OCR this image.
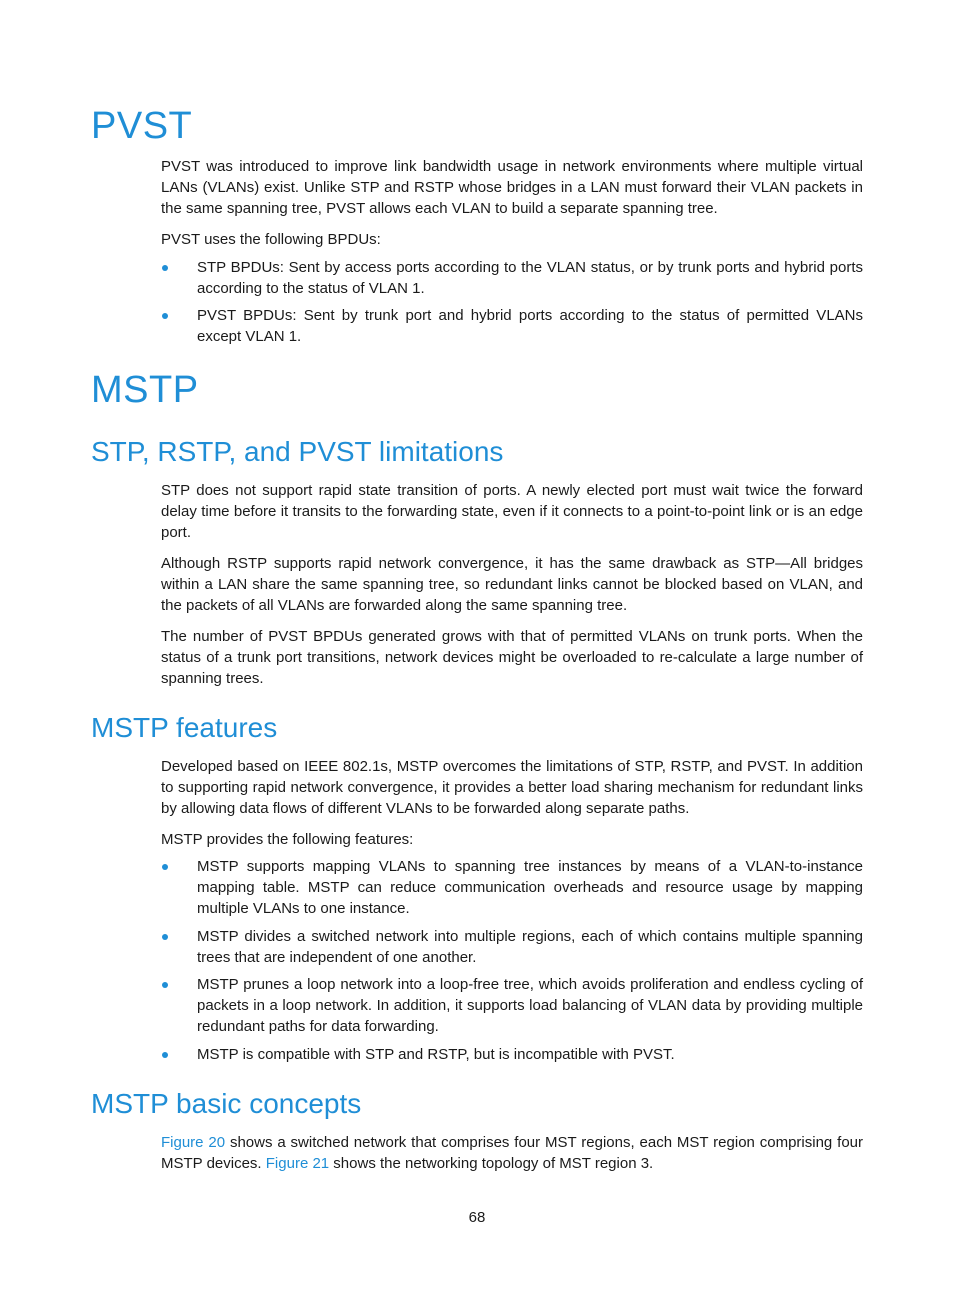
PVST

PVST was introduced to improve link bandwidth usage in network environments where multiple virtual LANs (VLANs) exist. Unlike STP and RSTP whose bridges in a LAN must forward their VLAN packets in the same spanning tree, PVST allows each VLAN to build a separate spanning tree.

PVST uses the following BPDUs:

STP BPDUs: Sent by access ports according to the VLAN status, or by trunk ports and hybrid ports according to the status of VLAN 1.

PVST BPDUs: Sent by trunk port and hybrid ports according to the status of permitted VLANs except VLAN 1.

MSTP
STP, RSTP, and PVST limitations

STP does not support rapid state transition of ports. A newly elected port must wait twice the forward delay time before it transits to the forwarding state, even if it connects to a point-to-point link or is an edge port.

Although RSTP supports rapid network convergence, it has the same drawback as STP—All bridges within a LAN share the same spanning tree, so redundant links cannot be blocked based on VLAN, and the packets of all VLANs are forwarded along the same spanning tree.

The number of PVST BPDUs generated grows with that of permitted VLANs on trunk ports. When the status of a trunk port transitions, network devices might be overloaded to re-calculate a large number of spanning trees.

MSTP features

Developed based on IEEE 802.1s, MSTP overcomes the limitations of STP, RSTP, and PVST. In addition to supporting rapid network convergence, it provides a better load sharing mechanism for redundant links by allowing data flows of different VLANs to be forwarded along separate paths.

MSTP provides the following features:

MSTP supports mapping VLANs to spanning tree instances by means of a VLAN-to-instance mapping table. MSTP can reduce communication overheads and resource usage by mapping multiple VLANs to one instance.

MSTP divides a switched network into multiple regions, each of which contains multiple spanning trees that are independent of one another.

MSTP prunes a loop network into a loop-free tree, which avoids proliferation and endless cycling of packets in a loop network. In addition, it supports load balancing of VLAN data by providing multiple redundant paths for data forwarding.

MSTP is compatible with STP and RSTP, but is incompatible with PVST.

MSTP basic concepts

Figure 20 shows a switched network that comprises four MST regions, each MST region comprising four MSTP devices. Figure 21 shows the networking topology of MST region 3.

68
